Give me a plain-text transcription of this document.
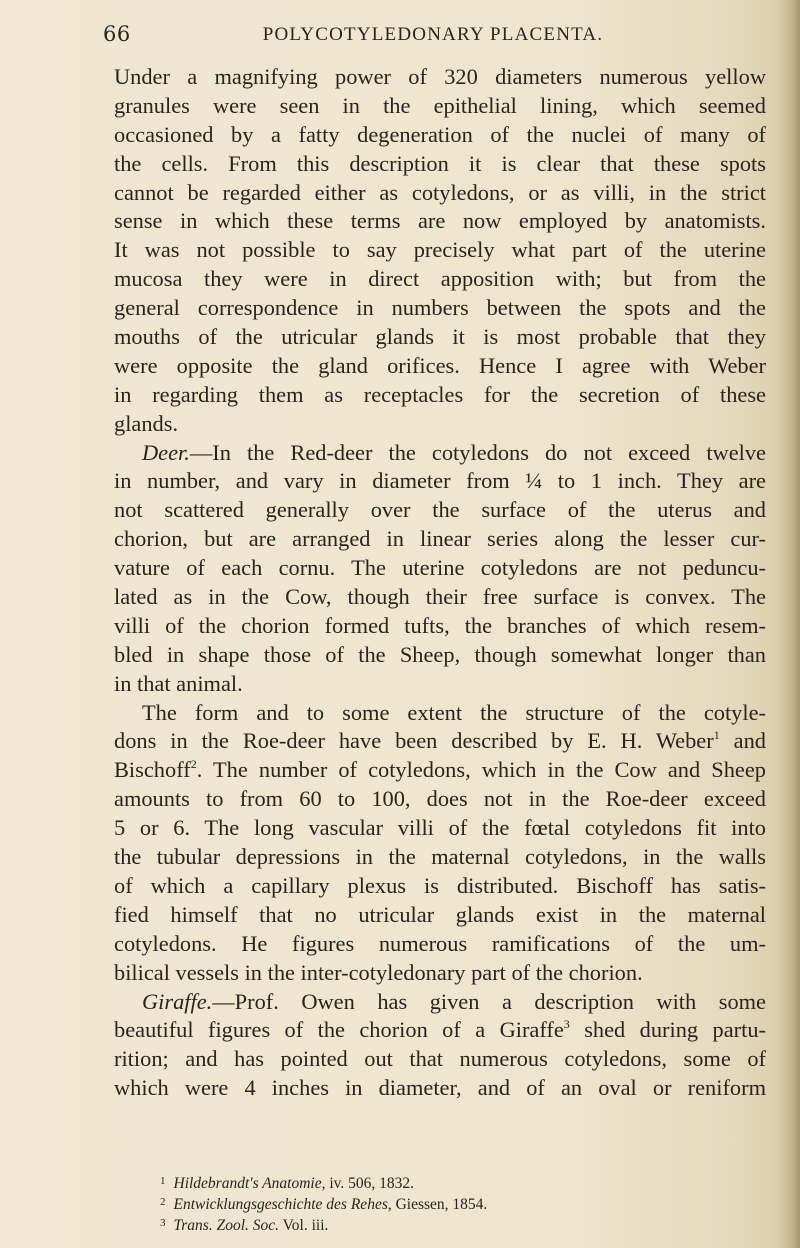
66	POLYCOTYLEDONARY PLACENTA.
Under a magnifying power of 320 diameters numerous yellow
granules were seen in the epithelial lining, which seemed
occasioned by a fatty degeneration of the nuclei of many of
the cells. From this description it is clear that these spots
cannot be regarded either as cotyledons, or as villi, in the strict
sense in which these terms are now employed by anatomists.
It was not possible to say precisely what part of the uterine
mucosa they were in direct apposition with; but from the
general correspondence in numbers between the spots and the
mouths of the utricular glands it is most probable that they
were opposite the gland orifices. Hence I agree with Weber
in regarding them as receptacles for the secretion of these
glands.
Deer.—In the Red-deer the cotyledons do not exceed twelve
in number, and vary in diameter from ¼ to 1 inch. They are
not scattered generally over the surface of the uterus and
chorion, but are arranged in linear series along the lesser cur-
vature of each cornu. The uterine cotyledons are not peduncu-
lated as in the Cow, though their free surface is convex. The
villi of the chorion formed tufts, the branches of which resem-
bled in shape those of the Sheep, though somewhat longer than
in that animal.
The form and to some extent the structure of the cotyle-
dons in the Roe-deer have been described by E. H. Weber$^1$ and
Bischoff$^2$. The number of cotyledons, which in the Cow and Sheep
amounts to from 60 to 100, does not in the Roe-deer exceed
5 or 6. The long vascular villi of the fœtal cotyledons fit into
the tubular depressions in the maternal cotyledons, in the walls
of which a capillary plexus is distributed. Bischoff has satis-
fied himself that no utricular glands exist in the maternal
cotyledons. He figures numerous ramifications of the um-
bilical vessels in the inter-cotyledonary part of the chorion.
Giraffe.—Prof. Owen has given a description with some
beautiful figures of the chorion of a Giraffe$^3$ shed during partu-
rition; and has pointed out that numerous cotyledons, some of
which were 4 inches in diameter, and of an oval or reniform
$^1$ Hildebrandt's Anatomie, iv. 506, 1832.
$^2$ Entwicklungsgeschichte des Rehes, Giessen, 1854.
$^3$ Trans. Zool. Soc. Vol. iii.
